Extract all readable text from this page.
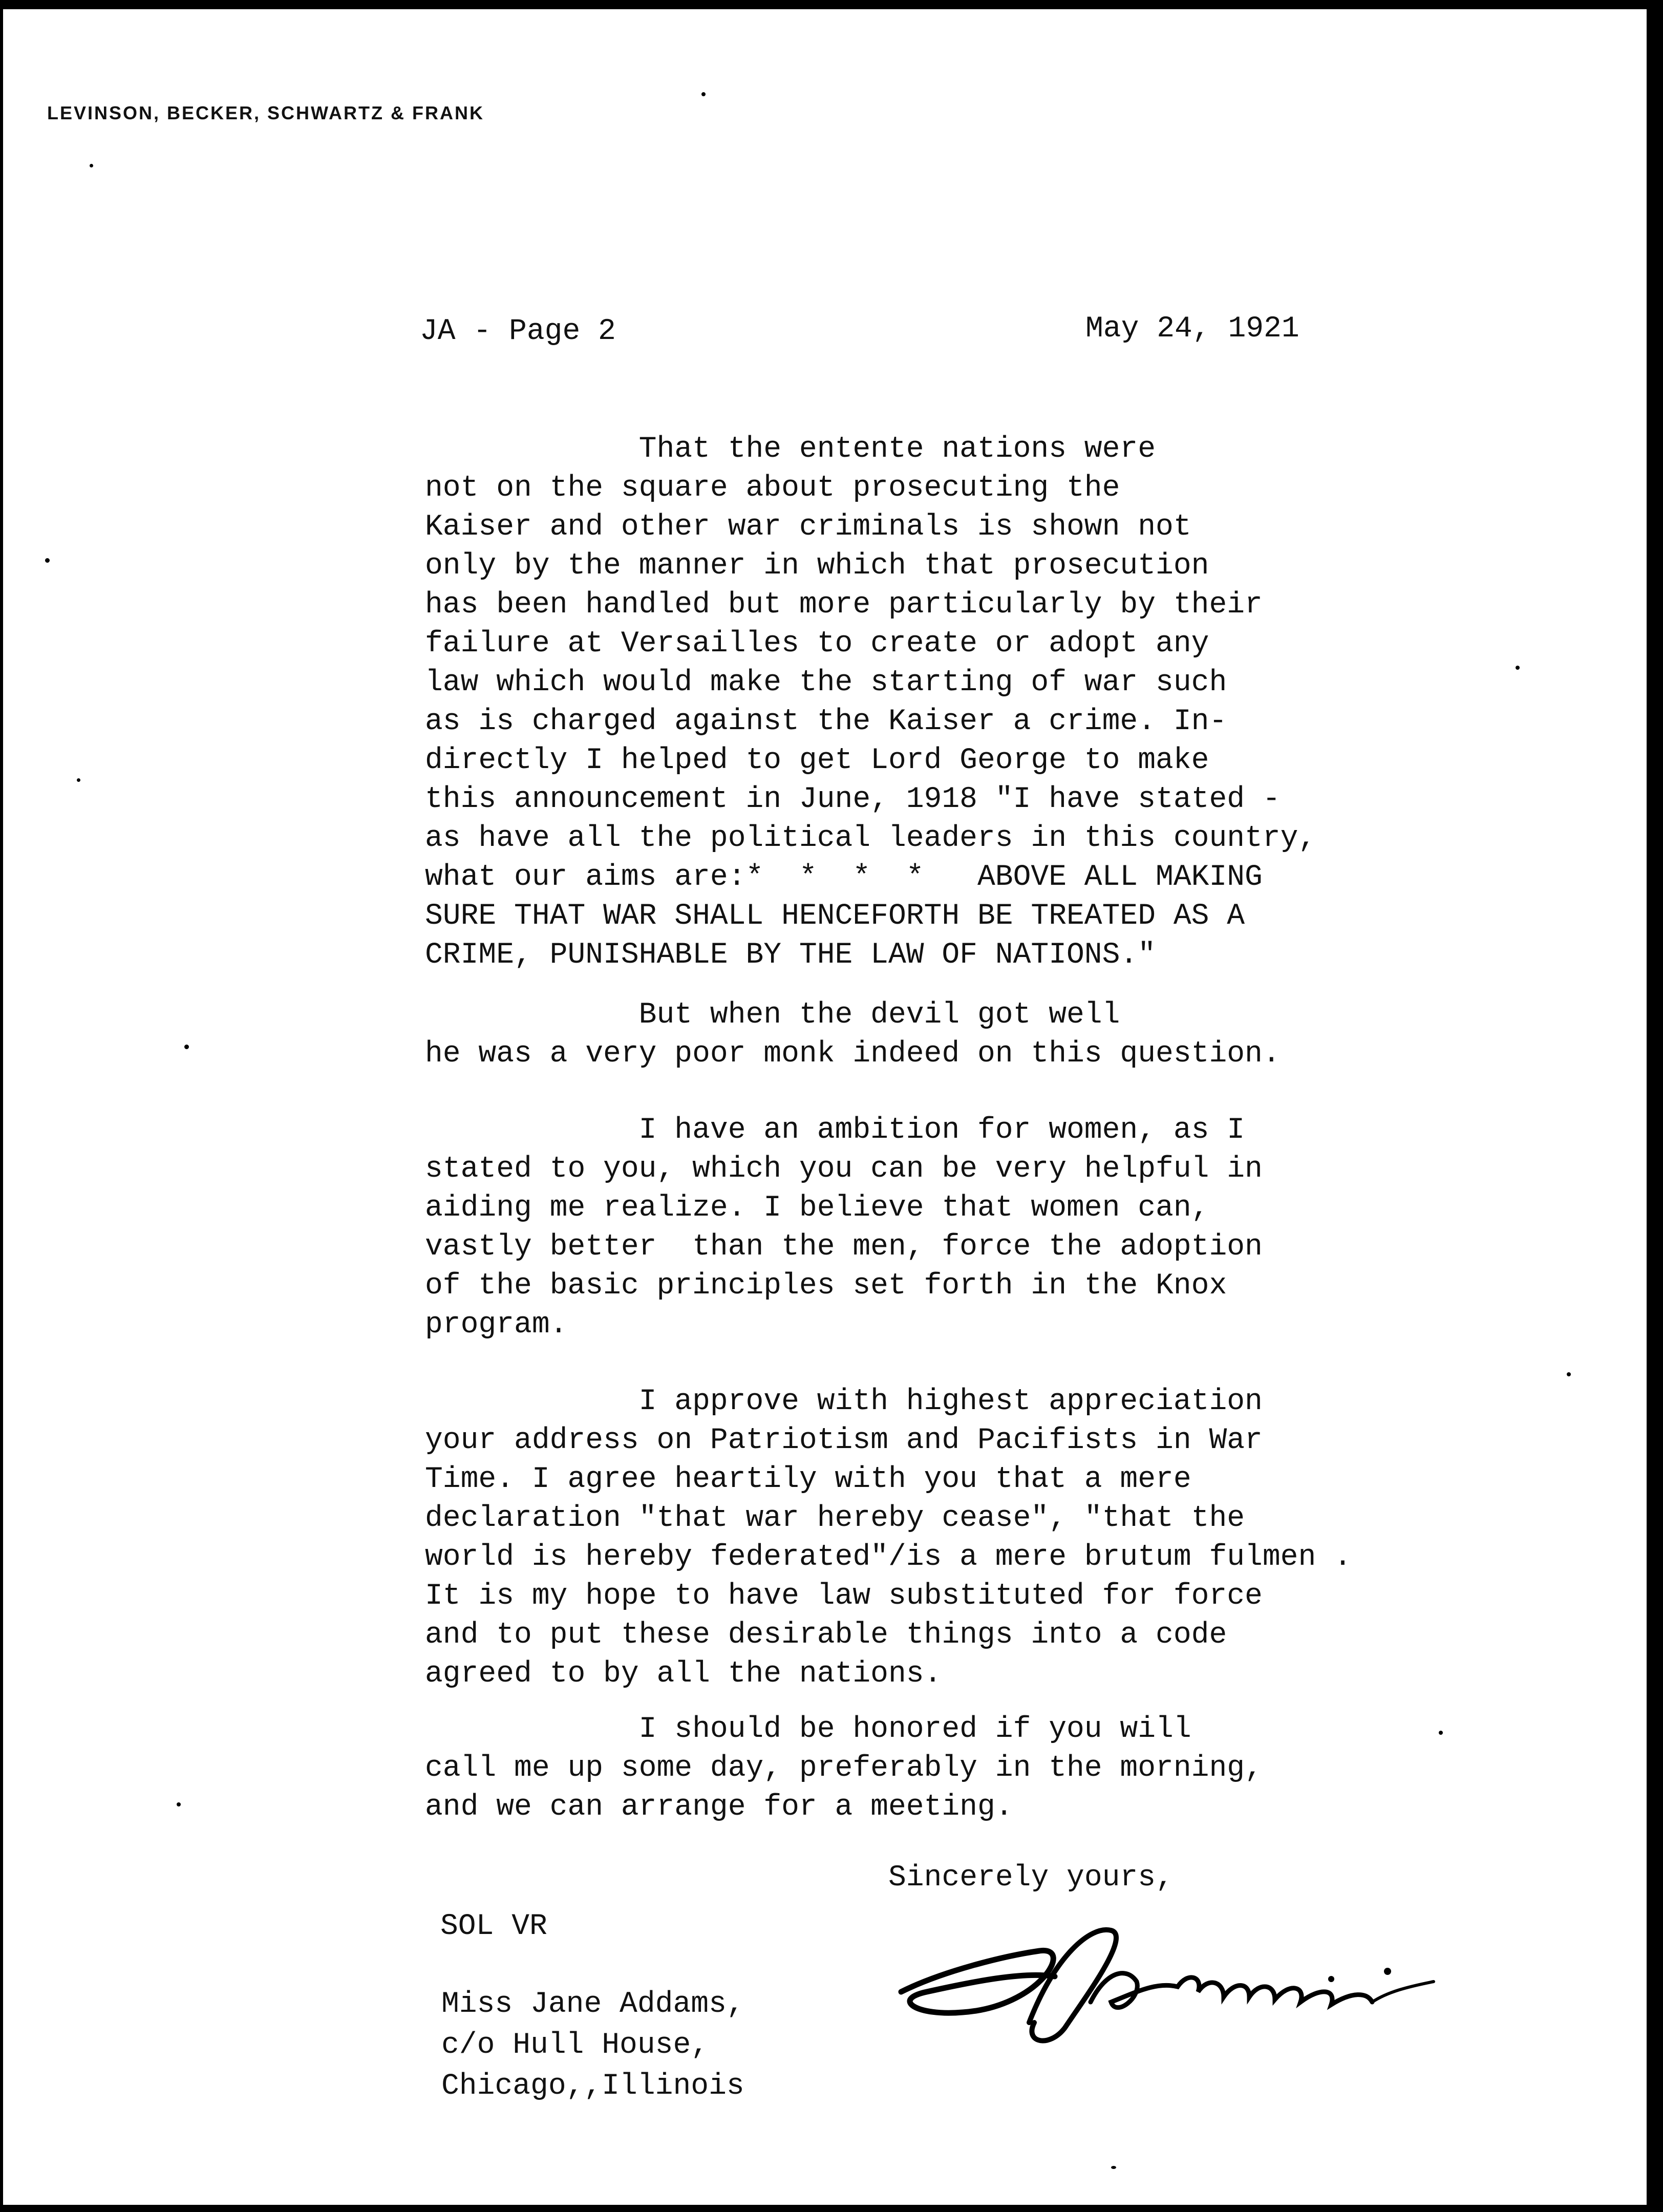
LEVINSON, BECKER, SCHWARTZ & FRANK
JA - Page 2	May 24, 1921
That the entente nations were
not on the square about prosecuting the
Kaiser and other war criminals is shown not
only by the manner in which that prosecution
has been handled but more particularly by their
failure at Versailles to create or adopt any
law which would make the starting of war such
as is charged against the Kaiser a crime. In-
directly I helped to get Lord George to make
this announcement in June, 1918 "I have stated -
as have all the political leaders in this country,
what our aims are:*  *  *  *   ABOVE ALL MAKING
SURE THAT WAR SHALL HENCEFORTH BE TREATED AS A
CRIME, PUNISHABLE BY THE LAW OF NATIONS."
But when the devil got well
he was a very poor monk indeed on this question.
I have an ambition for women, as I
stated to you, which you can be very helpful in
aiding me realize. I believe that women can,
vastly better  than the men, force the adoption
of the basic principles set forth in the Knox
program.
I approve with highest appreciation
your address on Patriotism and Pacifists in War
Time. I agree heartily with you that a mere
declaration "that war hereby cease", "that the
world is hereby federated"/is a mere brutum fulmen .
It is my hope to have law substituted for force
and to put these desirable things into a code
agreed to by all the nations.
I should be honored if you will
call me up some day, preferably in the morning,
and we can arrange for a meeting.
Sincerely yours,
SOL VR
Miss Jane Addams,
c/o Hull House,
Chicago,,Illinois
